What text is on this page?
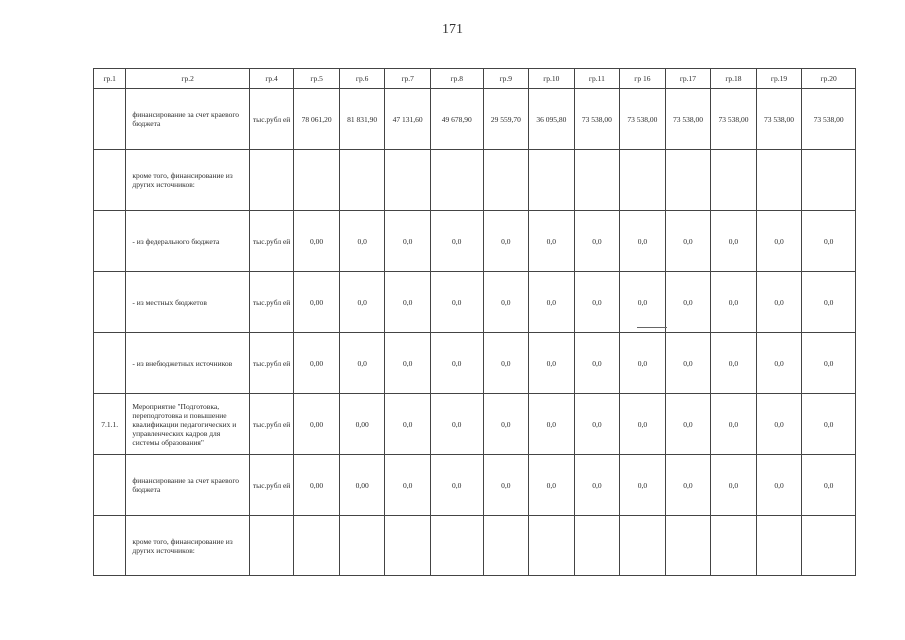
171
гр.1	гр.2	гр.4	гр.5	гр.6	гр.7	гр.8	гр.9	гр.10	гр.11	гр 16	гр.17	гр.18	гр.19	гр.20
	финансирование за счет краевого бюджета	тыс.рубл ей	78 061,20	81 831,90	47 131,60	49 678,90	29 559,70	36 095,80	73 538,00	73 538,00	73 538,00	73 538,00	73 538,00	73 538,00
	кроме того, финансирование из других источников:													
	- из федерального бюджета	тыс.рубл ей	0,00	0,0	0,0	0,0	0,0	0,0	0,0	0,0	0,0	0,0	0,0	0,0
	- из местных бюджетов	тыс.рубл ей	0,00	0,0	0,0	0,0	0,0	0,0	0,0	0,0	0,0	0,0	0,0	0,0
	- из внебюджетных источников	тыс.рубл ей	0,00	0,0	0,0	0,0	0,0	0,0	0,0	0,0	0,0	0,0	0,0	0,0
7.1.1.	Мероприятие "Подготовка, переподготовка и повышение квалификации педагогических и управленческих кадров для системы образования"	тыс.рубл ей	0,00	0,00	0,0	0,0	0,0	0,0	0,0	0,0	0,0	0,0	0,0	0,0
	финансирование за счет краевого бюджета	тыс.рубл ей	0,00	0,00	0,0	0,0	0,0	0,0	0,0	0,0	0,0	0,0	0,0	0,0
	кроме того, финансирование из других источников:													
